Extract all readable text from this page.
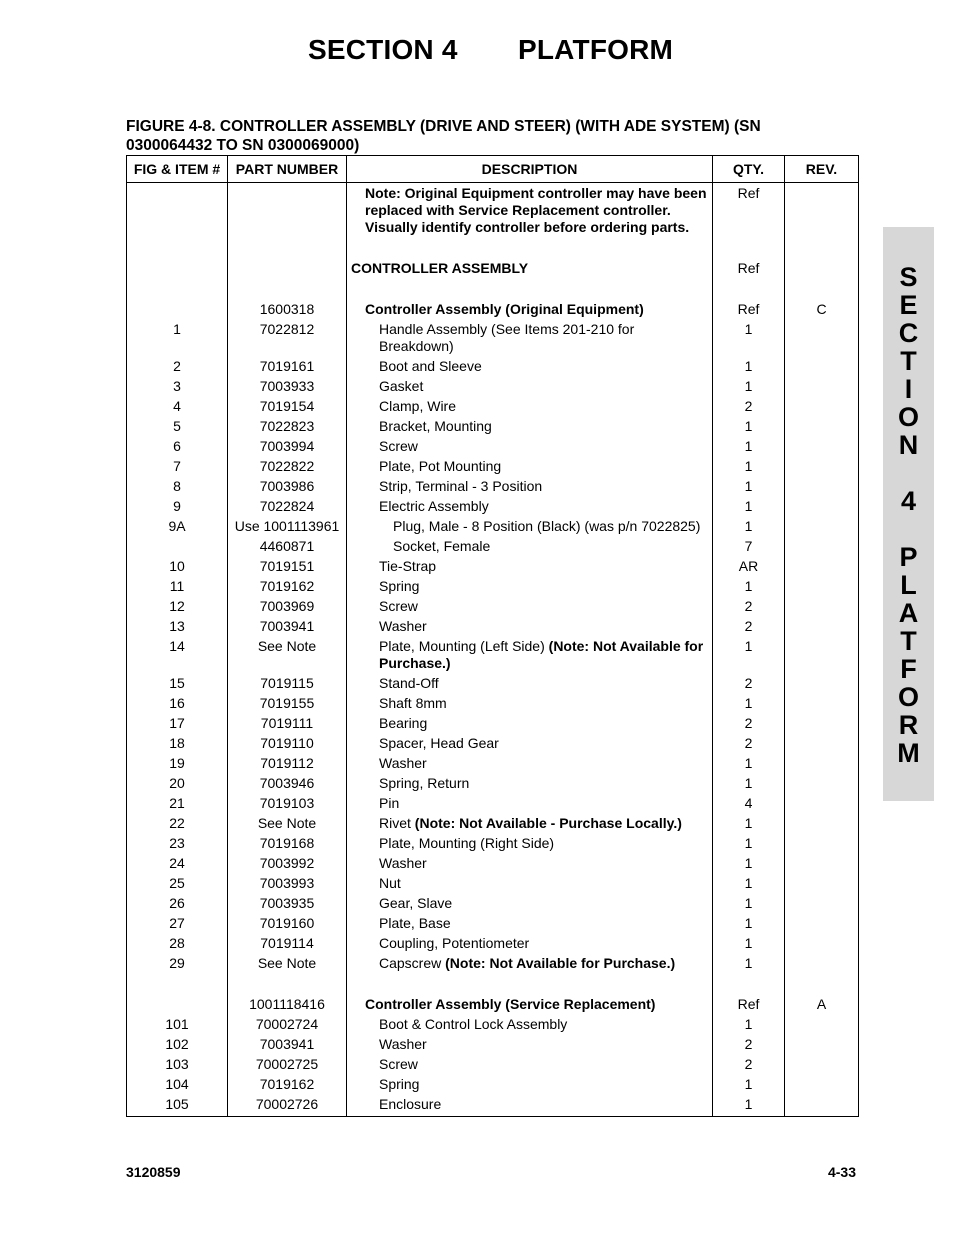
SECTION 4 PLATFORM
FIGURE 4-8. CONTROLLER ASSEMBLY (DRIVE AND STEER) (WITH ADE SYSTEM) (SN 0300064432 TO SN 0300069000)
FIG & ITEM #	PART NUMBER	DESCRIPTION	QTY.	REV.
		Note: Original Equipment controller may have been replaced with Service Replacement controller. Visually identify controller before ordering parts.	Ref	

		CONTROLLER ASSEMBLY	Ref	

	1600318	Controller Assembly (Original Equipment)	Ref	C
1	7022812	Handle Assembly (See Items 201-210 for Breakdown)	1	
2	7019161	Boot and Sleeve	1	
3	7003933	Gasket	1	
4	7019154	Clamp, Wire	2	
5	7022823	Bracket, Mounting	1	
6	7003994	Screw	1	
7	7022822	Plate, Pot Mounting	1	
8	7003986	Strip, Terminal - 3 Position	1	
9	7022824	Electric Assembly	1	
9A	Use 1001113961	Plug, Male - 8 Position (Black) (was p/n 7022825)	1	
	4460871	Socket, Female	7	
10	7019151	Tie-Strap	AR	
11	7019162	Spring	1	
12	7003969	Screw	2	
13	7003941	Washer	2	
14	See Note	Plate, Mounting (Left Side) (Note: Not Available for Purchase.)	1	
15	7019115	Stand-Off	2	
16	7019155	Shaft 8mm	1	
17	7019111	Bearing	2	
18	7019110	Spacer, Head Gear	2	
19	7019112	Washer	1	
20	7003946	Spring, Return	1	
21	7019103	Pin	4	
22	See Note	Rivet (Note: Not Available - Purchase Locally.)	1	
23	7019168	Plate, Mounting (Right Side)	1	
24	7003992	Washer	1	
25	7003993	Nut	1	
26	7003935	Gear, Slave	1	
27	7019160	Plate, Base	1	
28	7019114	Coupling, Potentiometer	1	
29	See Note	Capscrew (Note: Not Available for Purchase.)	1	

	1001118416	Controller Assembly (Service Replacement)	Ref	A
101	70002724	Boot & Control Lock Assembly	1	
102	7003941	Washer	2	
103	70002725	Screw	2	
104	7019162	Spring	1	
105	70002726	Enclosure	1	
S
E
C
T
I
O
N

4

P
L
A
T
F
O
R
M
3120859	4-33
